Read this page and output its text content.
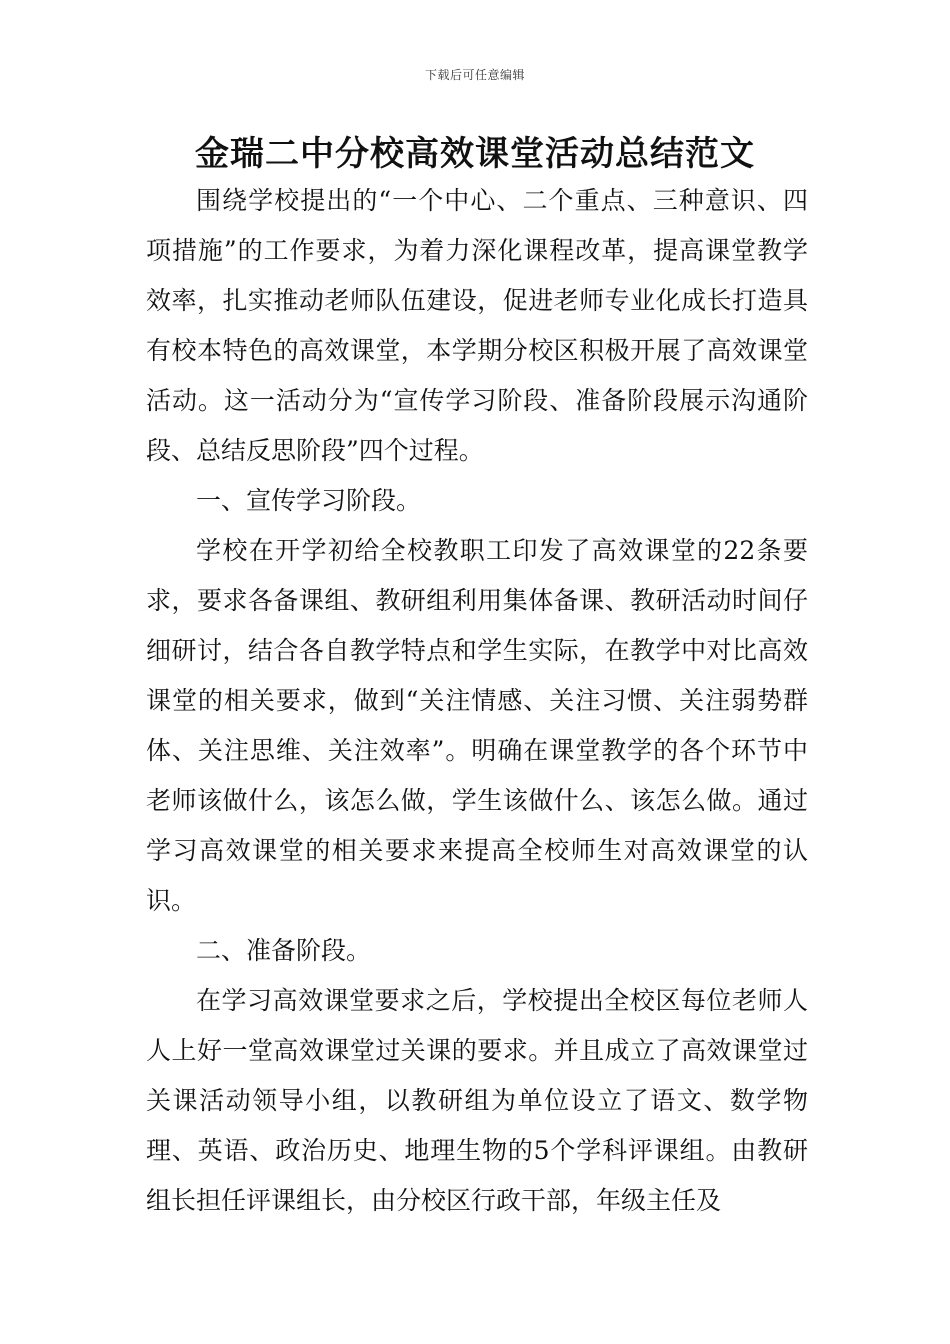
下载后可任意编辑
金瑞二中分校高效课堂活动总结范文

围绕学校提出的“一个中心、二个重点、三种意识、四项措施”的工作要求，为着力深化课程改革，提高课堂教学效率，扎实推动老师队伍建设，促进老师专业化成长打造具有校本特色的高效课堂，本学期分校区积极开展了高效课堂活动。这一活动分为“宣传学习阶段、准备阶段展示沟通阶段、总结反思阶段”四个过程。

一、宣传学习阶段。

学校在开学初给全校教职工印发了高效课堂的22条要求，要求各备课组、教研组利用集体备课、教研活动时间仔细研讨，结合各自教学特点和学生实际，在教学中对比高效课堂的相关要求，做到“关注情感、关注习惯、关注弱势群体、关注思维、关注效率”。明确在课堂教学的各个环节中老师该做什么，该怎么做，学生该做什么、该怎么做。通过学习高效课堂的相关要求来提高全校师生对高效课堂的认识。

二、准备阶段。

在学习高效课堂要求之后，学校提出全校区每位老师人人上好一堂高效课堂过关课的要求。并且成立了高效课堂过关课活动领导小组，以教研组为单位设立了语文、数学物理、英语、政治历史、地理生物的5个学科评课组。由教研组长担任评课组长，由分校区行政干部，年级主任及
